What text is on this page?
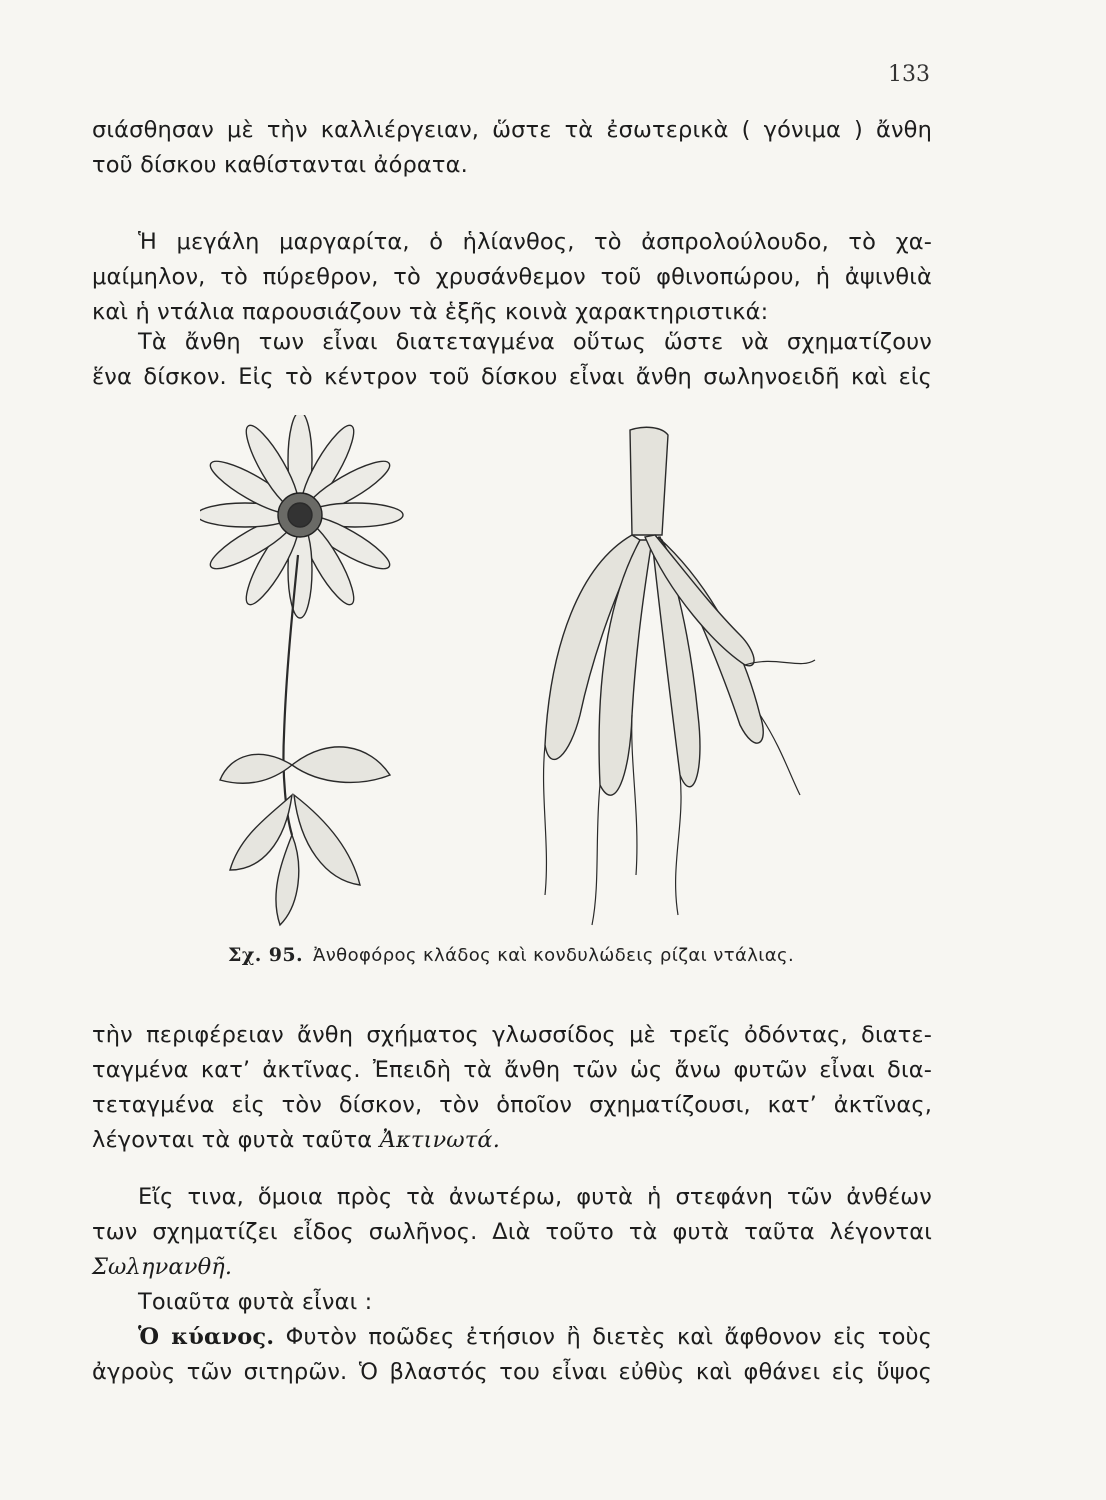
133

σιάσθησαν μὲ τὴν καλλιέργειαν, ὥστε τὰ ἐσωτερικὰ ( γόνιμα ) ἄνθη
τοῦ δίσκου καθίστανται ἀόρατα.

Ἡ μεγάλη μαργαρίτα, ὁ ἡλίανθος, τὸ ἀσπρολούλουδο, τὸ χα-
μαίμηλον, τὸ πύρεθρον, τὸ χρυσάνθεμον τοῦ φθινοπώρου, ἡ ἀψινθιὰ
καὶ ἡ ντάλια παρουσιάζουν τὰ ἑξῆς κοινὰ χαρακτηριστικά:

Τὰ ἄνθη των εἶναι διατεταγμένα οὕτως ὥστε νὰ σχηματίζουν
ἕνα δίσκον. Εἰς τὸ κέντρον τοῦ δίσκου εἶναι ἄνθη σωληνοειδῆ καὶ εἰς

Σχ. 95. Ἀνθοφόρος κλάδος καὶ κονδυλώδεις ρίζαι ντάλιας.

τὴν περιφέρειαν ἄνθη σχήματος γλωσσίδος μὲ τρεῖς ὀδόντας, διατε-
ταγμένα κατ’ ἀκτῖνας. Ἐπειδὴ τὰ ἄνθη τῶν ὡς ἄνω φυτῶν εἶναι δια-
τεταγμένα εἰς τὸν δίσκον, τὸν ὁποῖον σχηματίζουσι, κατ’ ἀκτῖνας,
λέγονται τὰ φυτὰ ταῦτα Ἀκτινωτά.

Εἴς τινα, ὅμοια πρὸς τὰ ἀνωτέρω, φυτὰ ἡ στεφάνη τῶν ἀνθέων
των σχηματίζει εἶδος σωλῆνος. Διὰ τοῦτο τὰ φυτὰ ταῦτα λέγονται
Σωληνανθῆ.

Τοιαῦτα φυτὰ εἶναι :

Ὁ κύανος. Φυτὸν ποῶδες ἐτήσιον ἢ διετὲς καὶ ἄφθονον εἰς τοὺς
ἀγροὺς τῶν σιτηρῶν. Ὁ βλαστός του εἶναι εὐθὺς καὶ φθάνει εἰς ὕψος
